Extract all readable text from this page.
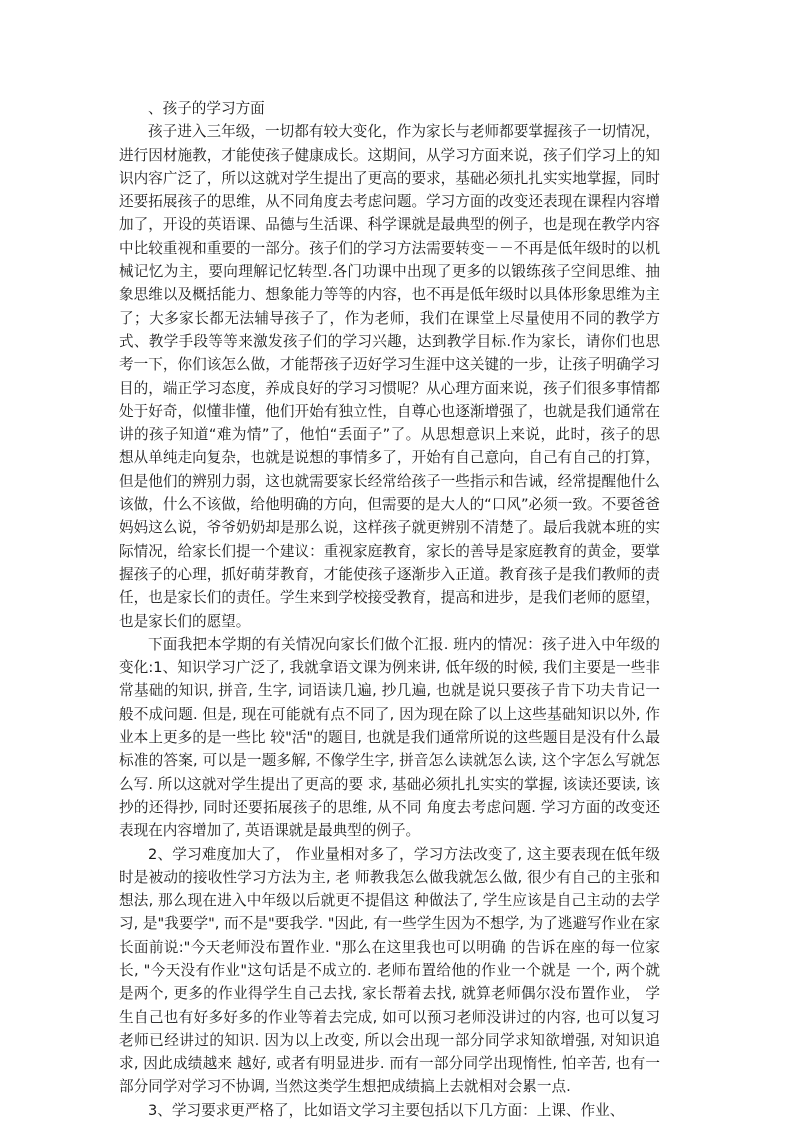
、孩子的学习方面

孩子进入三年级，一切都有较大变化，作为家长与老师都要掌握孩子一切情况，进行因材施教，才能使孩子健康成长。这期间，从学习方面来说，孩子们学习上的知识内容广泛了，所以这就对学生提出了更高的要求，基础必须扎扎实实地掌握，同时还要拓展孩子的思维，从不同角度去考虑问题。学习方面的改变还表现在课程内容增加了，开设的英语课、品德与生活课、科学课就是最典型的例子，也是现在教学内容中比较重视和重要的一部分。孩子们的学习方法需要转变－－不再是低年级时的以机械记忆为主，要向理解记忆转型.各门功课中出现了更多的以锻练孩子空间思维、抽象思维以及概括能力、想象能力等等的内容，也不再是低年级时以具体形象思维为主了；大多家长都无法辅导孩子了，作为老师，我们在课堂上尽量使用不同的教学方式、教学手段等等来激发孩子们的学习兴趣，达到教学目标.作为家长，请你们也思考一下，你们该怎么做，才能帮孩子迈好学习生涯中这关键的一步，让孩子明确学习目的，端正学习态度，养成良好的学习习惯呢？从心理方面来说，孩子们很多事情都处于好奇，似懂非懂，他们开始有独立性，自尊心也逐渐增强了，也就是我们通常在讲的孩子知道“难为情”了，他怕“丢面子”了。从思想意识上来说，此时，孩子的思想从单纯走向复杂，也就是说想的事情多了，开始有自己意向，自己有自己的打算，但是他们的辨别力弱，这也就需要家长经常给孩子一些指示和告诫，经常提醒他什么该做，什么不该做，给他明确的方向，但需要的是大人的“口风”必须一致。不要爸爸妈妈这么说，爷爷奶奶却是那么说，这样孩子就更辨别不清楚了。最后我就本班的实际情况，给家长们提一个建议：重视家庭教育，家长的善导是家庭教育的黄金，要掌握孩子的心理，抓好萌芽教育，才能使孩子逐渐步入正道。教育孩子是我们教师的责任，也是家长们的责任。学生来到学校接受教育，提高和进步，是我们老师的愿望，也是家长们的愿望。

下面我把本学期的有关情况向家长们做个汇报. 班内的情况：孩子进入中年级的变化:1、知识学习广泛了, 我就拿语文课为例来讲, 低年级的时候, 我们主要是一些非常基础的知识, 拼音, 生字, 词语读几遍, 抄几遍, 也就是说只要孩子肯下功夫肯记一般不成问题. 但是, 现在可能就有点不同了, 因为现在除了以上这些基础知识以外, 作业本上更多的是一些比 较"活"的题目, 也就是我们通常所说的这些题目是没有什么最标准的答案, 可以是一题多解, 不像学生字, 拼音怎么读就怎么读, 这个字怎么写就怎么写. 所以这就对学生提出了更高的要 求, 基础必须扎扎实实的掌握, 该读还要读, 该抄的还得抄, 同时还要拓展孩子的思维, 从不同 角度去考虑问题. 学习方面的改变还表现在内容增加了, 英语课就是最典型的例子。

2、学习难度加大了， 作业量相对多了，学习方法改变了, 这主要表现在低年级时是被动的接收性学习方法为主, 老 师教我怎么做我就怎么做, 很少有自己的主张和想法, 那么现在进入中年级以后就更不提倡这 种做法了, 学生应该是自己主动的去学习, 是"我要学", 而不是"要我学. "因此, 有一些学生因为不想学, 为了逃避写作业在家长面前说:"今天老师没布置作业. "那么在这里我也可以明确 的告诉在座的每一位家长, "今天没有作业"这句话是不成立的. 老师布置给他的作业一个就是 一个, 两个就是两个, 更多的作业得学生自己去找, 家长帮着去找, 就算老师偶尔没布置作业， 学生自己也有好多好多的作业等着去完成, 如可以预习老师没讲过的内容, 也可以复习老师已经讲过的知识. 因为以上改变, 所以会出现一部分同学求知欲增强, 对知识追求, 因此成绩越来 越好, 或者有明显进步. 而有一部分同学出现惰性, 怕辛苦, 也有一部分同学对学习不协调, 当然这类学生想把成绩搞上去就相对会累一点.

3、学习要求更严格了，比如语文学习主要包括以下几方面：上课、作业、
